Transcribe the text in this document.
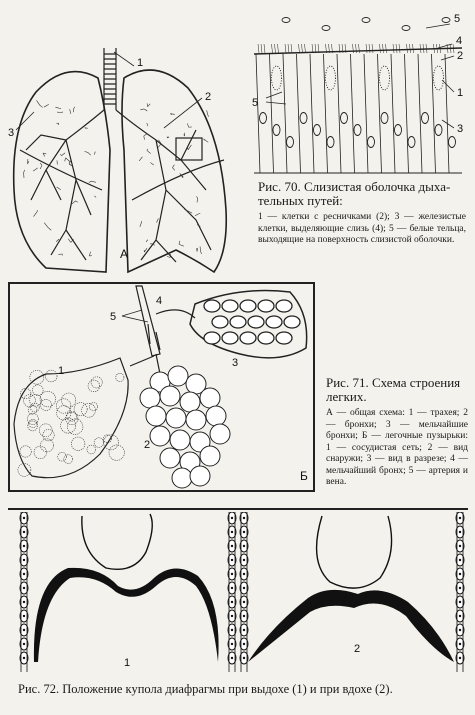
1
2
3
А
5
4
2
1
3
5
Рис. 70. Слизистая оболочка дыха-тельных путей:
1 — клетки с ресничками (2); 3 — железистые клетки, выделяющие слизь (4); 5 — белые тельца, выходящие на поверхность слизистой оболочки.
4
5
3
1
2
Б
Рис. 71. Схема строения легких.
А — общая схема: 1 — трахея; 2 — бронхи; 3 — мельчайшие бронхи; Б — легочные пузырьки: 1 — сосудистая сеть; 2 — вид снаружи; 3 — вид в разрезе; 4 — мельчайший бронх; 5 — артерия и вена.
1
2
Рис. 72. Положение купола диафрагмы при выдохе (1) и при вдохе (2).
